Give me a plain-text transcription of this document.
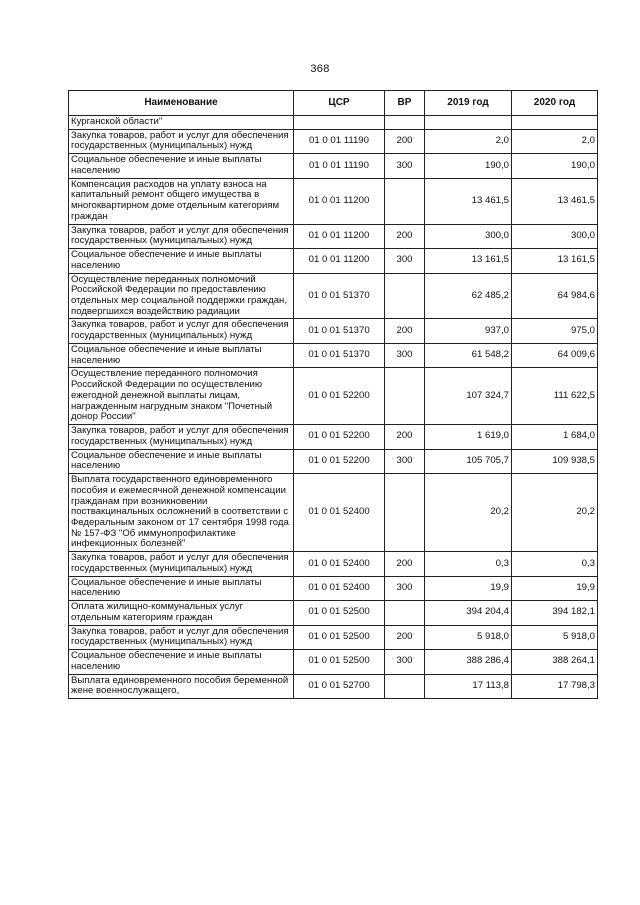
368
Наименование	ЦСР	ВР	2019 год	2020 год
Курганской области"				
Закупка товаров, работ и услуг для обеспечения государственных (муниципальных) нужд	01 0 01 11190	200	2,0	2,0
Социальное обеспечение и иные выплаты населению	01 0 01 11190	300	190,0	190,0
Компенсация расходов на уплату взноса на капитальный ремонт общего имущества в многоквартирном доме отдельным категориям граждан	01 0 01 11200		13 461,5	13 461,5
Закупка товаров, работ и услуг для обеспечения государственных (муниципальных) нужд	01 0 01 11200	200	300,0	300,0
Социальное обеспечение и иные выплаты населению	01 0 01 11200	300	13 161,5	13 161,5
Осуществление переданных полномочий Российской Федерации по предоставлению отдельных мер социальной поддержки граждан, подвергшихся воздействию радиации	01 0 01 51370		62 485,2	64 984,6
Закупка товаров, работ и услуг для обеспечения государственных (муниципальных) нужд	01 0 01 51370	200	937,0	975,0
Социальное обеспечение и иные выплаты населению	01 0 01 51370	300	61 548,2	64 009,6
Осуществление переданного полномочия Российской Федерации по осуществлению ежегодной денежной выплаты лицам, награжденным нагрудным знаком "Почетный донор России"	01 0 01 52200		107 324,7	111 622,5
Закупка товаров, работ и услуг для обеспечения государственных (муниципальных) нужд	01 0 01 52200	200	1 619,0	1 684,0
Социальное обеспечение и иные выплаты населению	01 0 01 52200	300	105 705,7	109 938,5
Выплата государственного единовременного пособия и ежемесячной денежной компенсации гражданам при возникновении поствакцинальных осложнений в соответствии с Федеральным законом от 17 сентября 1998 года № 157-ФЗ "Об иммунопрофилактике инфекционных болезней"	01 0 01 52400		20,2	20,2
Закупка товаров, работ и услуг для обеспечения государственных (муниципальных) нужд	01 0 01 52400	200	0,3	0,3
Социальное обеспечение и иные выплаты населению	01 0 01 52400	300	19,9	19,9
Оплата жилищно-коммунальных услуг отдельным категориям граждан	01 0 01 52500		394 204,4	394 182,1
Закупка товаров, работ и услуг для обеспечения государственных (муниципальных) нужд	01 0 01 52500	200	5 918,0	5 918,0
Социальное обеспечение и иные выплаты населению	01 0 01 52500	300	388 286,4	388 264,1
Выплата единовременного пособия беременной жене военнослужащего,	01 0 01 52700		17 113,8	17 798,3
